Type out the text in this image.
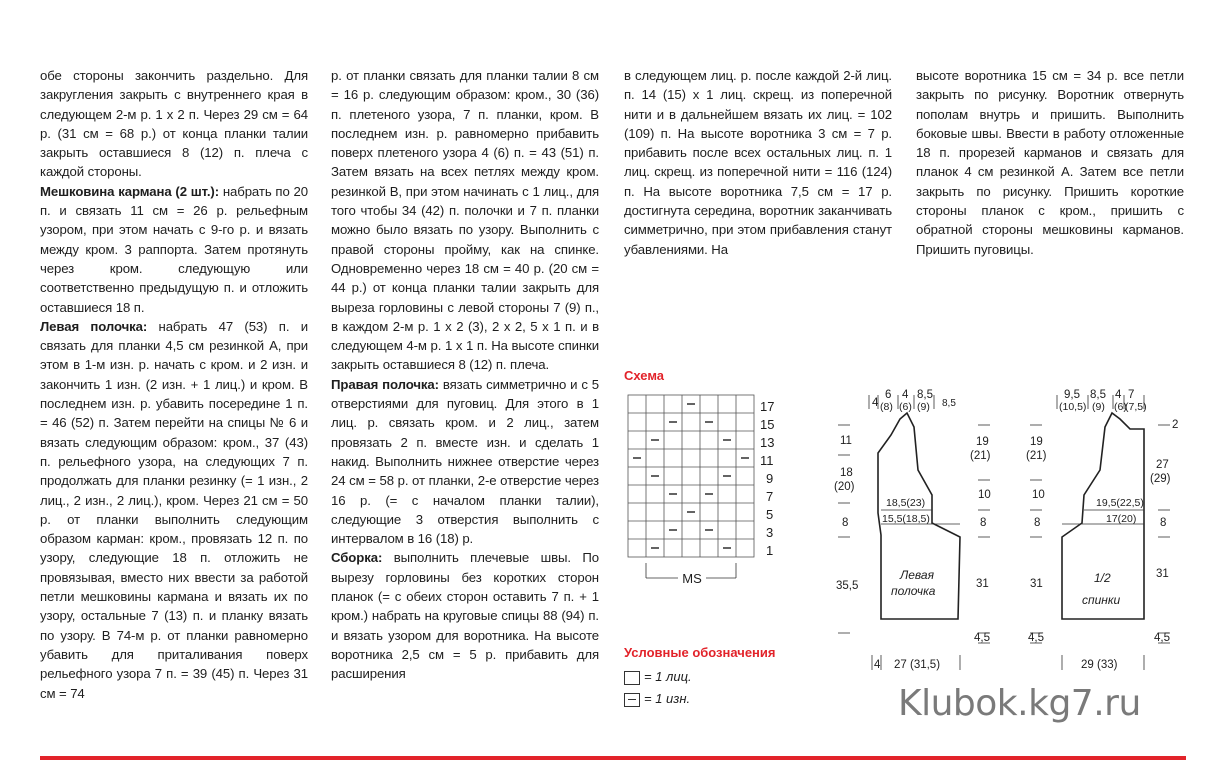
обе стороны закончить раздельно. Для закругления закрыть с внутреннего края в следующем 2-м р. 1 х 2 п. Через 29 см = 64 р. (31 см = 68 р.) от конца планки талии закрыть оставшиеся 8 (12) п. плеча с каждой стороны.

Мешковина кармана (2 шт.): набрать по 20 п. и связать 11 см = 26 р. рельефным узором, при этом начать с 9-го р. и вязать между кром. 3 раппорта. Затем протянуть через кром. следующую или соответственно предыдущую п. и отложить оставшиеся 18 п.

Левая полочка: набрать 47 (53) п. и связать для планки 4,5 см резинкой А, при этом в 1-м изн. р. начать с кром. и 2 изн. и закончить 1 изн. (2 изн. + 1 лиц.) и кром. В последнем изн. р. убавить посередине 1 п. = 46 (52) п. Затем перейти на спицы № 6 и вязать следующим образом: кром., 37 (43) п. рельефного узора, на следующих 7 п. продолжать для планки резинку (= 1 изн., 2 лиц., 2 изн., 2 лиц.), кром. Через 21 см = 50 р. от планки выполнить следующим образом карман: кром., провязать 12 п. по узору, следующие 18 п. отложить не провязывая, вместо них ввести за работой петли мешковины кармана и вязать их по узору, остальные 7 (13) п. и планку вязать по узору. В 74-м р. от планки равномерно убавить для приталивания поверх рельефного узора 7 п. = 39 (45) п. Через 31 см = 74

р. от планки связать для планки талии 8 см = 16 р. следующим образом: кром., 30 (36) п. плетеного узора, 7 п. планки, кром. В последнем изн. р. равномерно прибавить поверх плетеного узора 4 (6) п. = 43 (51) п. Затем вязать на всех петлях между кром. резинкой В, при этом начинать с 1 лиц., для того чтобы 34 (42) п. полочки и 7 п. планки можно было вязать по узору. Выполнить с правой стороны пройму, как на спинке. Одновременно через 18 см = 40 р. (20 см = 44 р.) от конца планки талии закрыть для выреза горловины с левой стороны 7 (9) п., в каждом 2-м р. 1 х 2 (3), 2 х 2, 5 х 1 п. и в следующем 4-м р. 1 х 1 п. На высоте спинки закрыть оставшиеся 8 (12) п. плеча.

Правая полочка: вязать симметрично и с 5 отверстиями для пуговиц. Для этого в 1 лиц. р. связать кром. и 2 лиц., затем провязать 2 п. вместе изн. и сделать 1 накид. Выполнить нижнее отверстие через 24 см = 58 р. от планки, 2-е отверстие через 16 р. (= с началом планки талии), следующие 3 отверстия выполнить с интервалом в 16 (18) р.

Сборка: выполнить плечевые швы. По вырезу горловины без коротких сторон планок (= с обеих сторон оставить 7 п. + 1 кром.) набрать на круговые спицы 88 (94) п. и вязать узором для воротника. На высоте воротника 2,5 см = 5 р. прибавить для расширения

в следующем лиц. р. после каждой 2-й лиц. п. 14 (15) х 1 лиц. скрещ. из поперечной нити и в дальнейшем вязать их лиц. = 102 (109) п. На высоте воротника 3 см = 7 р. прибавить после всех остальных лиц. п. 1 лиц. скрещ. из поперечной нити = 116 (124) п. На высоте воротника 7,5 см = 17 р. достигнута середина, воротник заканчивать симметрично, при этом прибавления станут убавлениями. На

высоте воротника 15 см = 34 р. все петли закрыть по рисунку. Воротник отвернуть пополам внутрь и пришить. Выполнить боковые швы. Ввести в работу отложенные 18 п. прорезей карманов и связать для планок 4 см резинкой А. Затем все петли закрыть по рисунку. Пришить короткие стороны планок с кром., пришить с обратной стороны мешковины карманов. Пришить пуговицы.

Схема
MS
17
15
13
11
9
7
5
3
1
Условные обозначения
= 1 лиц.
= 1 изн.
4
6 4 8,5
8,5
(8) (6) (9)
11
18
(20)
8
35,5
19
(21)
10
8
31
4,5
18,5(23)
15,5(18,5)
4 27 (31,5)
Левая
полочка
9,5 8,5 4 7
(10,5) (9) (6)
(7,5)
19
(21)
10
8
31
4,5
2
27
(29)
8
31
4,5
19,5(22,5)
17(20)
29 (33)
1/2
спинки
Klubok.kg7.ru
